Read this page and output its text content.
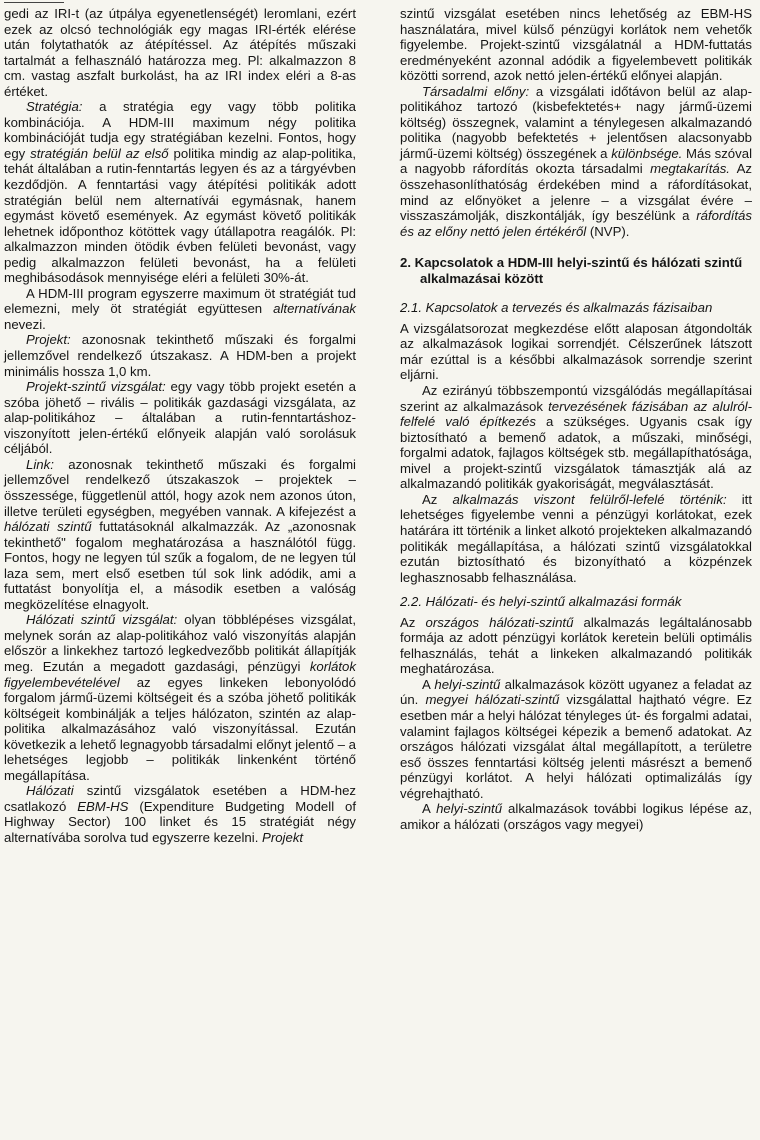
gedi az IRI-t (az útpálya egyenetlenségét) leromlani, ezért ezek az olcsó technológiák egy magas IRI-érték elérése után folytathatók az átépítéssel. Az átépítés műszaki tartalmát a felhasználó határozza meg. Pl: alkalmazzon 8 cm. vastag aszfalt burkolást, ha az IRI index eléri a 8-as értéket.

Stratégia: a stratégia egy vagy több politika kombinációja. A HDM-III maximum négy politika kombinációját tudja egy stratégiában kezelni. Fontos, hogy egy stratégián belül az első politika mindig az alap-politika, tehát általában a rutin-fenntartás legyen és az a tárgyévben kezdődjön. A fenntartási vagy átépítési politikák adott stratégián belül nem alternatívái egymásnak, hanem egymást követő események. Az egymást követő politikák lehetnek időponthoz kötöttek vagy útállapotra reagálók. Pl: alkalmazzon minden ötödik évben felületi bevonást, vagy pedig alkalmazzon felületi bevonást, ha a felületi meghibásodások mennyisége eléri a felületi 30%-át.

A HDM-III program egyszerre maximum öt stratégiát tud elemezni, mely öt stratégiát együttesen alternatívának nevezi.

Projekt: azonosnak tekinthető műszaki és forgalmi jellemzővel rendelkező útszakasz. A HDM-ben a projekt minimális hossza 1,0 km.

Projekt-szintű vizsgálat: egy vagy több projekt esetén a szóba jöhető – rivális – politikák gazdasági vizsgálata, az alap-politikához – általában a rutin-fenntartáshoz-viszonyított jelen-értékű előnyeik alapján való sorolásuk céljából.

Link: azonosnak tekinthető műszaki és forgalmi jellemzővel rendelkező útszakaszok – projektek – összessége, függetlenül attól, hogy azok nem azonos úton, illetve területi egységben, megyében vannak. A kifejezést a hálózati szintű futtatásoknál alkalmazzák. Az „azonosnak tekinthető" fogalom meghatározása a használótól függ. Fontos, hogy ne legyen túl szűk a fogalom, de ne legyen túl laza sem, mert első esetben túl sok link adódik, ami a futtatást bonyolítja el, a második esetben a valóság megközelítése elnagyolt.

Hálózati szintű vizsgálat: olyan többlépéses vizsgálat, melynek során az alap-politikához való viszonyítás alapján először a linkekhez tartozó legkedvezőbb politikát állapítják meg. Ezután a megadott gazdasági, pénzügyi korlátok figyelembevételével az egyes linkeken lebonyolódó forgalom jármű-üzemi költségeit és a szóba jöhető politikák költségeit kombinálják a teljes hálózaton, szintén az alap-politika alkalmazásához való viszonyítással. Ezután következik a lehető legnagyobb társadalmi előnyt jelentő – a lehetséges legjobb – politikák linkenként történő megállapítása.

Hálózati szintű vizsgálatok esetében a HDM-hez csatlakozó EBM-HS (Expenditure Budgeting Modell of Highway Sector) 100 linket és 15 stratégiát négy alternatívába sorolva tud egyszerre kezelni. Projekt

szintű vizsgálat esetében nincs lehetőség az EBM-HS használatára, mivel külső pénzügyi korlátok nem vehetők figyelembe. Projekt-szintű vizsgálatnál a HDM-futtatás eredményeként azonnal adódik a figyelembevett politikák közötti sorrend, azok nettó jelen-értékű előnyei alapján.

Társadalmi előny: a vizsgálati időtávon belül az alap-politikához tartozó (kisbefektetés+ nagy jármű-üzemi költség) összegnek, valamint a ténylegesen alkalmazandó politika (nagyobb befektetés + jelentősen alacsonyabb jármű-üzemi költség) összegének a különbsége. Más szóval a nagyobb ráfordítás okozta társadalmi megtakarítás. Az összehasonlíthatóság érdekében mind a ráfordításokat, mind az előnyöket a jelenre – a vizsgálat évére – visszaszámolják, diszkontálják, így beszélünk a ráfordítás és az előny nettó jelen értékéről (NVP).

2. Kapcsolatok a HDM-III helyi-szintű és hálózati szintű alkalmazásai között
2.1. Kapcsolatok a tervezés és alkalmazás fázisaiban

A vizsgálatsorozat megkezdése előtt alaposan átgondolták az alkalmazások logikai sorrendjét. Célszerűnek látszott már ezúttal is a későbbi alkalmazások sorrendje szerint eljárni.

Az ezirányú többszempontú vizsgálódás megállapításai szerint az alkalmazások tervezésének fázisában az alulról-felfelé való építkezés a szükséges. Ugyanis csak így biztosítható a bemenő adatok, a műszaki, minőségi, forgalmi adatok, fajlagos költségek stb. megállapíthatósága, mivel a projekt-szintű vizsgálatok támasztják alá az alkalmazandó politikák gyakoriságát, megválasztását.

Az alkalmazás viszont felülről-lefelé történik: itt lehetséges figyelembe venni a pénzügyi korlátokat, ezek határára itt történik a linket alkotó projekteken alkalmazandó politikák megállapítása, a hálózati szintű vizsgálatokkal ezután biztosítható és bizonyítható a közpénzek leghasznosabb felhasználása.

2.2. Hálózati- és helyi-szintű alkalmazási formák

Az országos hálózati-szintű alkalmazás legáltalánosabb formája az adott pénzügyi korlátok keretein belüli optimális felhasználás, tehát a linkeken alkalmazandó politikák meghatározása.

A helyi-szintű alkalmazások között ugyanez a feladat az ún. megyei hálózati-szintű vizsgálattal hajtható végre. Ez esetben már a helyi hálózat tényleges út- és forgalmi adatai, valamint fajlagos költségei képezik a bemenő adatokat. Az országos hálózati vizsgálat által megállapított, a területre eső összes fenntartási költség jelenti másrészt a bemenő pénzügyi korlátot. A helyi hálózati optimalizálás így végrehajtható.

A helyi-szintű alkalmazások további logikus lépése az, amikor a hálózati (országos vagy megyei)
